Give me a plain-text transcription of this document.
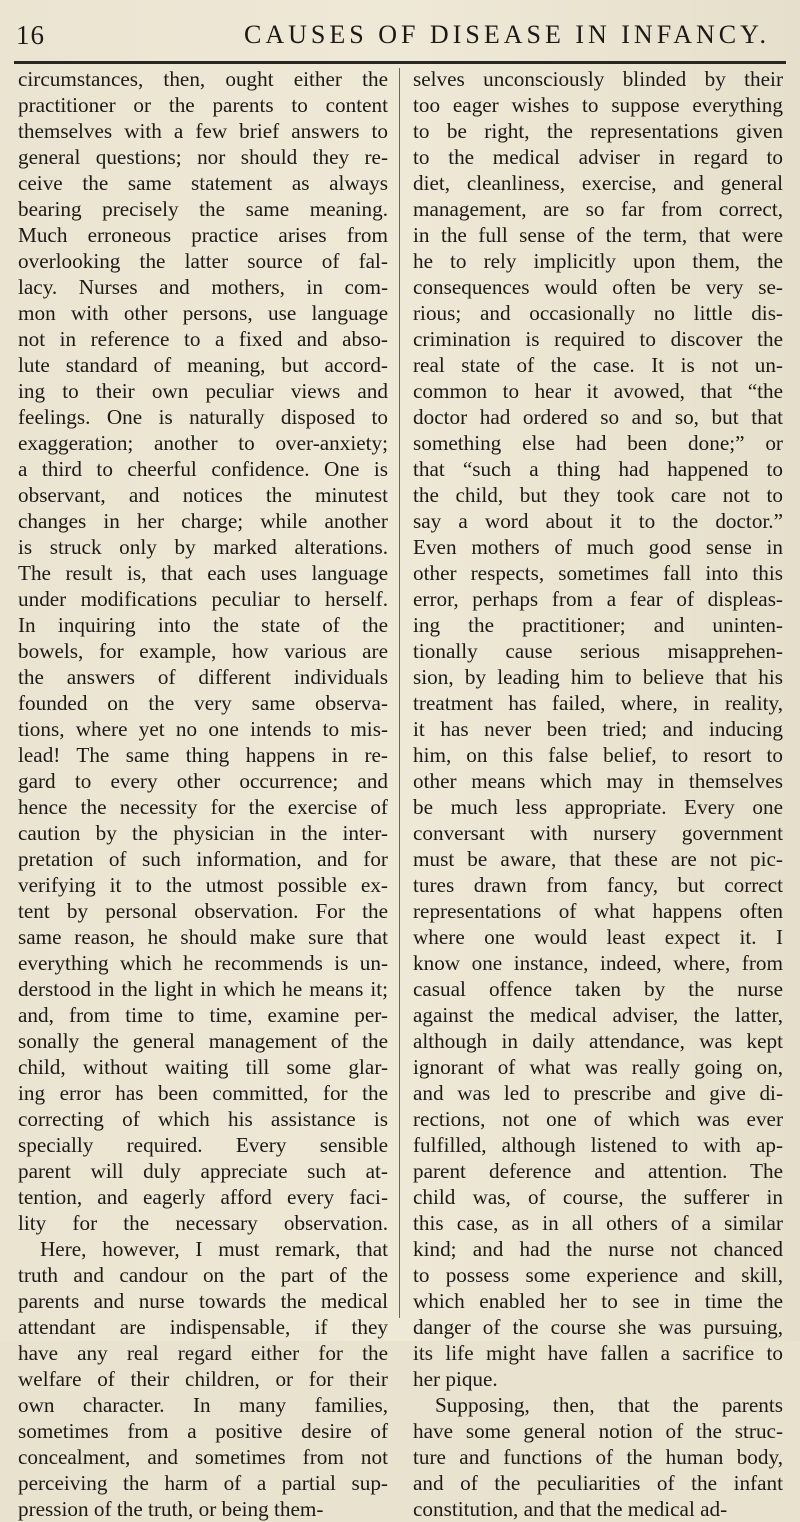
16	CAUSES OF DISEASE IN INFANCY.
circumstances, then, ought either the
practitioner or the parents to content
themselves with a few brief answers to
general questions; nor should they re-
ceive the same statement as always
bearing precisely the same meaning.
Much erroneous practice arises from
overlooking the latter source of fal-
lacy. Nurses and mothers, in com-
mon with other persons, use language
not in reference to a fixed and abso-
lute standard of meaning, but accord-
ing to their own peculiar views and
feelings. One is naturally disposed to
exaggeration; another to over-anxiety;
a third to cheerful confidence. One is
observant, and notices the minutest
changes in her charge; while another
is struck only by marked alterations.
The result is, that each uses language
under modifications peculiar to herself.
In inquiring into the state of the
bowels, for example, how various are
the answers of different individuals
founded on the very same observa-
tions, where yet no one intends to mis-
lead! The same thing happens in re-
gard to every other occurrence; and
hence the necessity for the exercise of
caution by the physician in the inter-
pretation of such information, and for
verifying it to the utmost possible ex-
tent by personal observation. For the
same reason, he should make sure that
everything which he recommends is un-
derstood in the light in which he means it;
and, from time to time, examine per-
sonally the general management of the
child, without waiting till some glar-
ing error has been committed, for the
correcting of which his assistance is
specially required. Every sensible
parent will duly appreciate such at-
tention, and eagerly afford every faci-
lity for the necessary observation.
Here, however, I must remark, that
truth and candour on the part of the
parents and nurse towards the medical
attendant are indispensable, if they
have any real regard either for the
welfare of their children, or for their
own character. In many families,
sometimes from a positive desire of
concealment, and sometimes from not
perceiving the harm of a partial sup-
pression of the truth, or being them-
selves unconsciously blinded by their
too eager wishes to suppose everything
to be right, the representations given
to the medical adviser in regard to
diet, cleanliness, exercise, and general
management, are so far from correct,
in the full sense of the term, that were
he to rely implicitly upon them, the
consequences would often be very se-
rious; and occasionally no little dis-
crimination is required to discover the
real state of the case. It is not un-
common to hear it avowed, that “the
doctor had ordered so and so, but that
something else had been done;” or
that “such a thing had happened to
the child, but they took care not to
say a word about it to the doctor.”
Even mothers of much good sense in
other respects, sometimes fall into this
error, perhaps from a fear of displeas-
ing the practitioner; and uninten-
tionally cause serious misapprehen-
sion, by leading him to believe that his
treatment has failed, where, in reality,
it has never been tried; and inducing
him, on this false belief, to resort to
other means which may in themselves
be much less appropriate. Every one
conversant with nursery government
must be aware, that these are not pic-
tures drawn from fancy, but correct
representations of what happens often
where one would least expect it. I
know one instance, indeed, where, from
casual offence taken by the nurse
against the medical adviser, the latter,
although in daily attendance, was kept
ignorant of what was really going on,
and was led to prescribe and give di-
rections, not one of which was ever
fulfilled, although listened to with ap-
parent deference and attention. The
child was, of course, the sufferer in
this case, as in all others of a similar
kind; and had the nurse not chanced
to possess some experience and skill,
which enabled her to see in time the
danger of the course she was pursuing,
its life might have fallen a sacrifice to
her pique.
Supposing, then, that the parents
have some general notion of the struc-
ture and functions of the human body,
and of the peculiarities of the infant
constitution, and that the medical ad-
